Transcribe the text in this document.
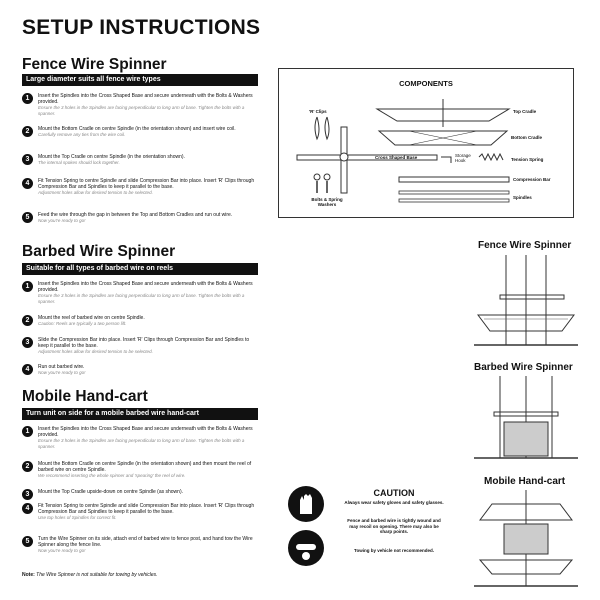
SETUP INSTRUCTIONS
Fence Wire Spinner
Large diameter suits all fence wire types
1	Insert the Spindles into the Cross Shaped Base and secure underneath with the Bolts & Washers provided.
Ensure the 3 holes in the Spindles are facing perpendicular to long arm of base. Tighten the bolts with a spanner.
2	Mount the Bottom Cradle on centre Spindle (in the orientation shown) and insert wire coil.
Carefully remove any ties from the wire coil.
3	Mount the Top Cradle on centre Spindle (in the orientation shown).
The internal spokes should lock together.
4	Fit Tension Spring to centre Spindle and slide Compression Bar into place. Insert 'R' Clips through Compression Bar and Spindles to keep it parallel to the base.
Adjustment holes allow for desired tension to be selected.
5	Feed the wire through the gap in between the Top and Bottom Cradles and run out wire.
Now you're ready to go!
Barbed Wire Spinner
Suitable for all types of barbed wire on reels
1	Insert the Spindles into the Cross Shaped Base and secure underneath with the Bolts & Washers provided.
Ensure the 3 holes in the Spindles are facing perpendicular to long arm of base. Tighten the bolts with a spanner.
2	Mount the reel of barbed wire on centre Spindle.
Caution: Reels are typically a two person lift.
3	Slide the Compression Bar into place. Insert 'R' Clips through Compression Bar and Spindles to keep it parallel to the base.
Adjustment holes allow for desired tension to be selected.
4	Run out barbed wire.
Now you're ready to go!
Mobile Hand-cart
Turn unit on side for a mobile barbed wire hand-cart
1	Insert the Spindles into the Cross Shaped Base and secure underneath with the Bolts & Washers provided.
Ensure the 3 holes in the Spindles are facing perpendicular to long arm of base. Tighten the bolts with a spanner.
2	Mount the Bottom Cradle on centre Spindle (in the orientation shown) and then mount the reel of barbed wire on centre Spindle.
We recommend inserting the whole spinner and 'spearing' the reel of wire.
3	Mount the Top Cradle upside-down on centre Spindle (as shown).
4	Fit Tension Spring to centre Spindle and slide Compression Bar into place. Insert 'R' Clips through Compression Bar and Spindles to keep it parallel to the base.
Use top holes of Spindles for correct fit.
5	Turn the Wire Spinner on its side, attach end of barbed wire to fence post, and hand tow the Wire Spinner along the fence line.
Now you're ready to go!
Note: The Wire Spinner is not suitable for towing by vehicles.
COMPONENTS
'R' Clips	Top Cradle
Bottom Cradle
Cross Shaped Base	Storage Hook	Tension Spring
Bolts & Spring Washers
Compression Bar
Spindles
Fence Wire Spinner
Barbed Wire Spinner
Mobile Hand-cart
CAUTION
Always wear safety gloves and safety glasses.
Fence and barbed wire is tightly wound and may recoil on opening. There may also be sharp points.
Towing by vehicle not recommended.
